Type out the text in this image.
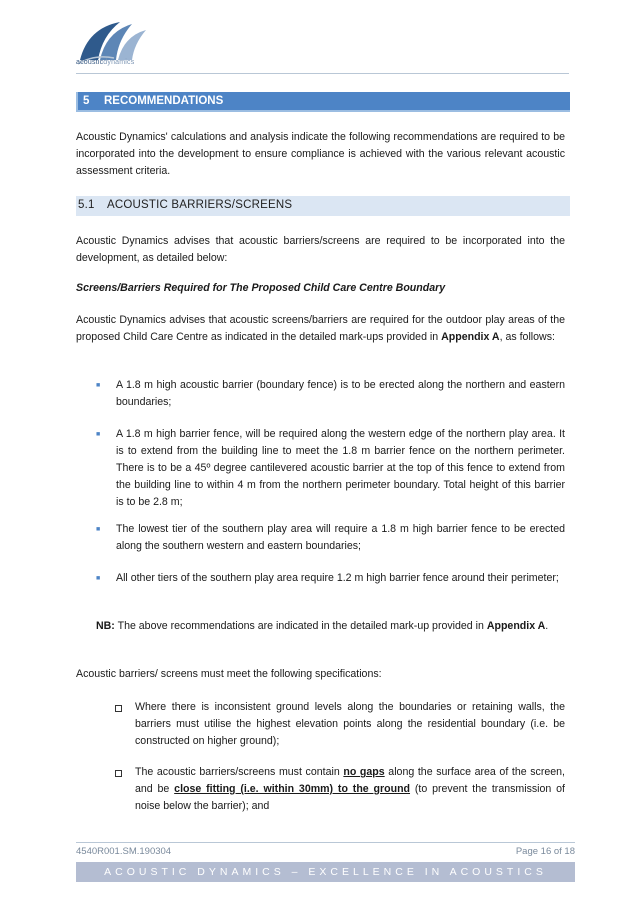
acousticdynamics
5 RECOMMENDATIONS
Acoustic Dynamics' calculations and analysis indicate the following recommendations are required to be incorporated into the development to ensure compliance is achieved with the various relevant acoustic assessment criteria.
5.1 ACOUSTIC BARRIERS/SCREENS
Acoustic Dynamics advises that acoustic barriers/screens are required to be incorporated into the development, as detailed below:
Screens/Barriers Required for The Proposed Child Care Centre Boundary
Acoustic Dynamics advises that acoustic screens/barriers are required for the outdoor play areas of the proposed Child Care Centre as indicated in the detailed mark-ups provided in Appendix A, as follows:
■ A 1.8 m high acoustic barrier (boundary fence) is to be erected along the northern and eastern boundaries;
■ A 1.8 m high barrier fence, will be required along the western edge of the northern play area. It is to extend from the building line to meet the 1.8 m barrier fence on the northern perimeter. There is to be a 45º degree cantilevered acoustic barrier at the top of this fence to extend from the building line to within 4 m from the northern perimeter boundary. Total height of this barrier is to be 2.8 m;
■ The lowest tier of the southern play area will require a 1.8 m high barrier fence to be erected along the southern western and eastern boundaries;
■ All other tiers of the southern play area require 1.2 m high barrier fence around their perimeter;
NB: The above recommendations are indicated in the detailed mark-up provided in Appendix A.
Acoustic barriers/ screens must meet the following specifications:
Where there is inconsistent ground levels along the boundaries or retaining walls, the barriers must utilise the highest elevation points along the residential boundary (i.e. be constructed on higher ground);
The acoustic barriers/screens must contain no gaps along the surface area of the screen, and be close fitting (i.e. within 30mm) to the ground (to prevent the transmission of noise below the barrier); and
4540R001.SM.190304	Page 16 of 18
ACOUSTIC DYNAMICS – EXCELLENCE IN ACOUSTICS
